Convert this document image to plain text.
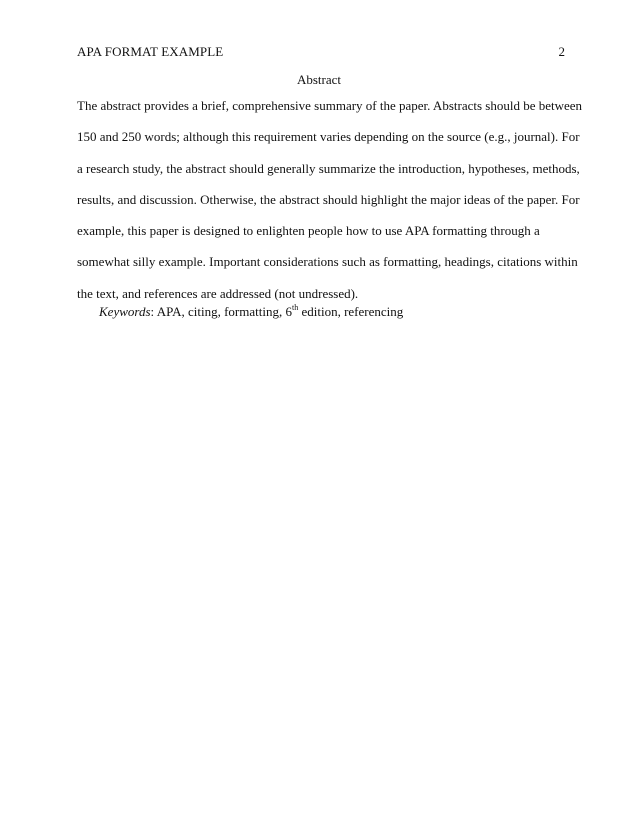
APA FORMAT EXAMPLE	2
Abstract
The abstract provides a brief, comprehensive summary of the paper. Abstracts should be between
150 and 250 words; although this requirement varies depending on the source (e.g., journal). For
a research study, the abstract should generally summarize the introduction, hypotheses, methods,
results, and discussion. Otherwise, the abstract should highlight the major ideas of the paper. For
example, this paper is designed to enlighten people how to use APA formatting through a
somewhat silly example. Important considerations such as formatting, headings, citations within
the text, and references are addressed (not undressed).
Keywords: APA, citing, formatting, 6th edition, referencing
